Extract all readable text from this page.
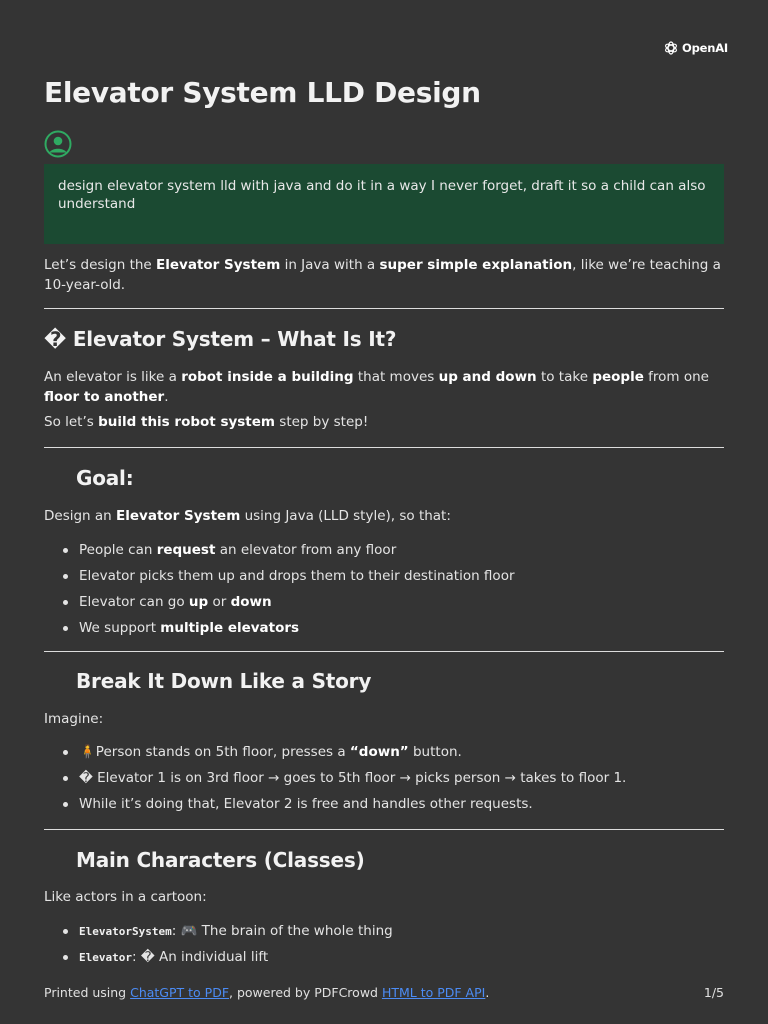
OpenAI
Elevator System LLD Design
design elevator system lld with java and do it in a way I never forget, draft it so a child can also understand
Let’s design the Elevator System in Java with a super simple explanation, like we’re teaching a 10-year-old.
� Elevator System – What Is It?
An elevator is like a robot inside a building that moves up and down to take people from one floor to another.
So let’s build this robot system step by step!
Goal:
Design an Elevator System using Java (LLD style), so that:
People can request an elevator from any floor
Elevator picks them up and drops them to their destination floor
Elevator can go up or down
We support multiple elevators
Break It Down Like a Story
Imagine:
🧍Person stands on 5th floor, presses a “down” button.
� Elevator 1 is on 3rd floor → goes to 5th floor → picks person → takes to floor 1.
While it’s doing that, Elevator 2 is free and handles other requests.
Main Characters (Classes)
Like actors in a cartoon:
ElevatorSystem: 🎮 The brain of the whole thing
Elevator: � An individual lift
Printed using ChatGPT to PDF, powered by PDFCrowd HTML to PDF API.	1/5
